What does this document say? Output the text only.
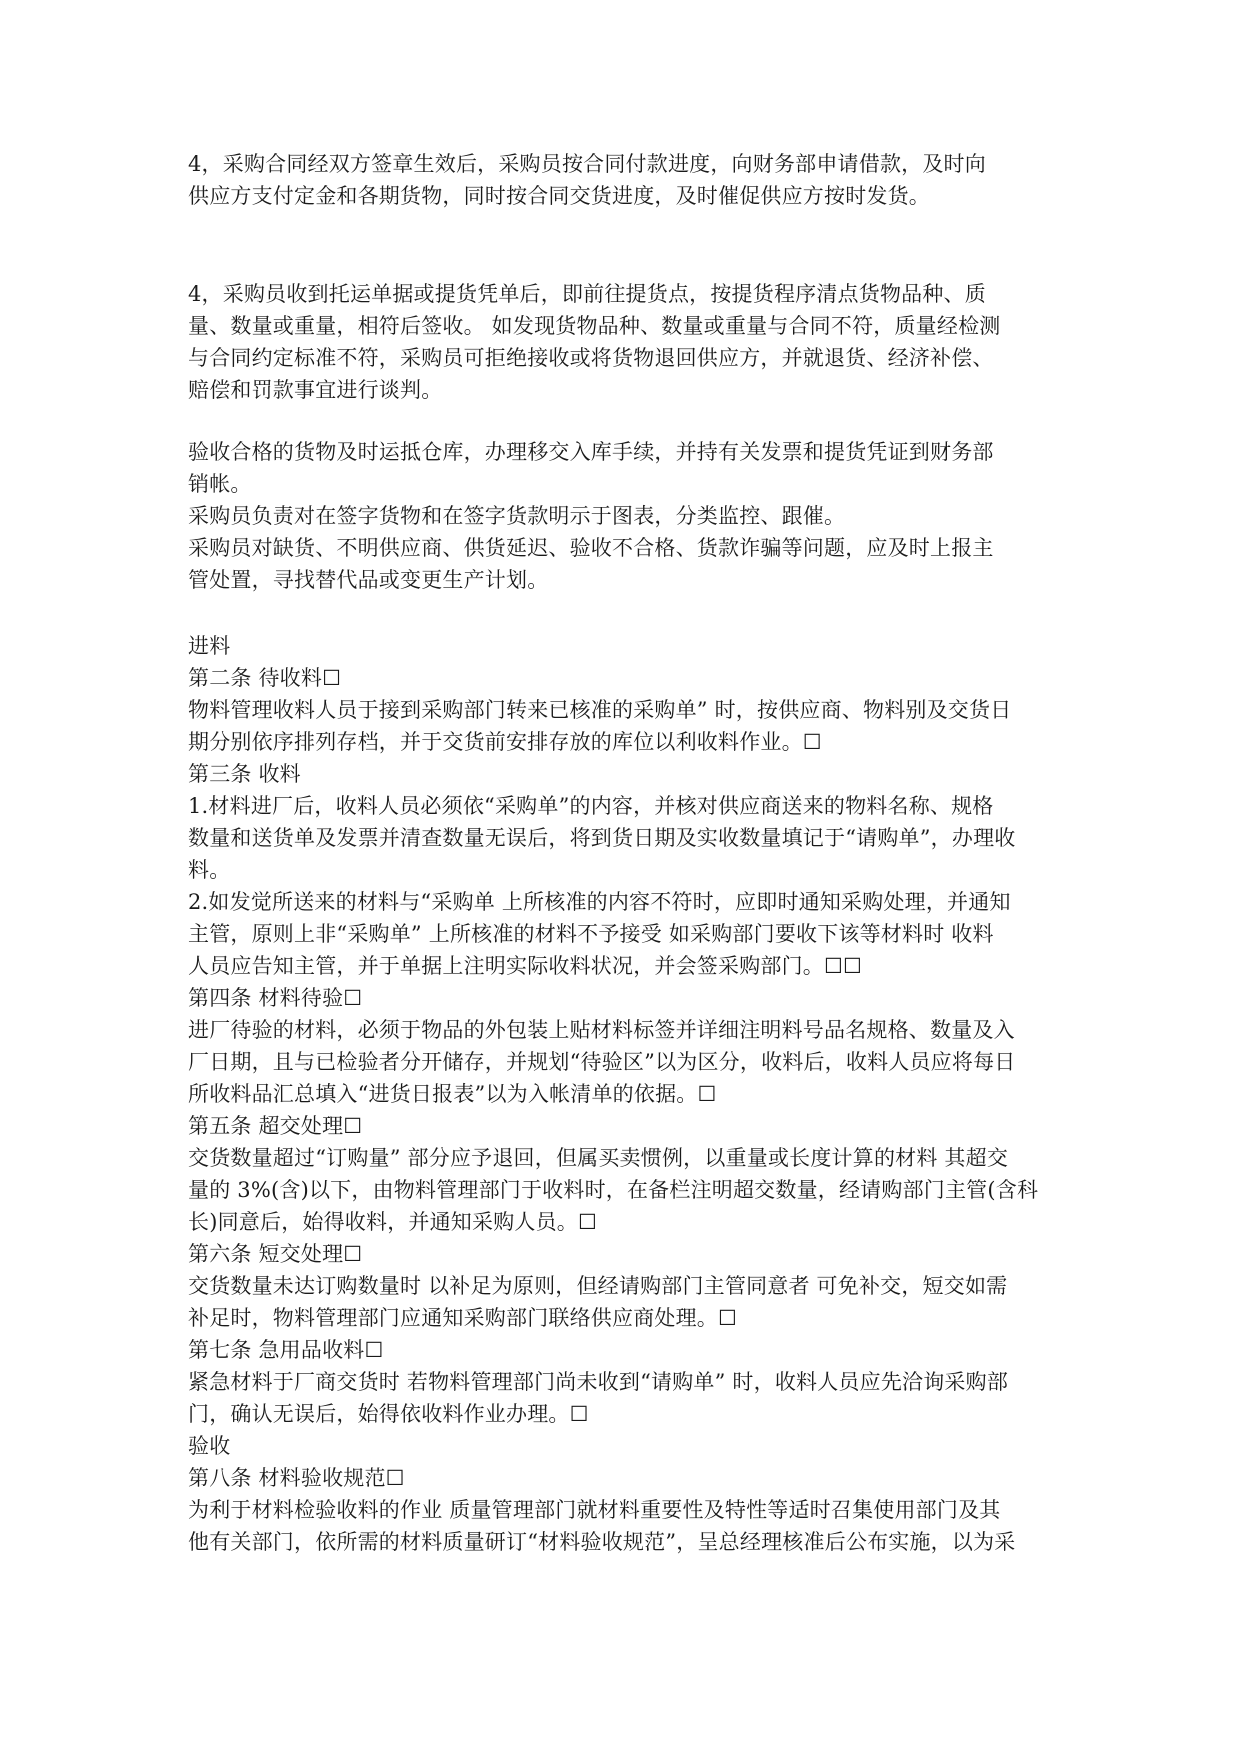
4，采购合同经双方签章生效后，采购员按合同付款进度，向财务部申请借款，及时向
供应方支付定金和各期货物，同时按合同交货进度，及时催促供应方按时发货。
4，采购员收到托运单据或提货凭单后，即前往提货点，按提货程序清点货物品种、质
量、数量或重量，相符后签收。 如发现货物品种、数量或重量与合同不符，质量经检测
与合同约定标准不符，采购员可拒绝接收或将货物退回供应方，并就退货、经济补偿、
赔偿和罚款事宜进行谈判。
验收合格的货物及时运抵仓库，办理移交入库手续，并持有关发票和提货凭证到财务部
销帐。
采购员负责对在签字货物和在签字货款明示于图表，分类监控、跟催。
采购员对缺货、不明供应商、供货延迟、验收不合格、货款诈骗等问题，应及时上报主
管处置，寻找替代品或变更生产计划。
进料
第二条 待收料☐
物料管理收料人员于接到采购部门转来已核准的采购单” 时，按供应商、物料别及交货日
期分别依序排列存档，并于交货前安排存放的库位以利收料作业。☐
第三条 收料
1.材料进厂后，收料人员必须依“采购单”的内容，并核对供应商送来的物料名称、规格
数量和送货单及发票并清查数量无误后，将到货日期及实收数量填记于“请购单”，办理收
料。
2.如发觉所送来的材料与“采购单 上所核准的内容不符时，应即时通知采购处理，并通知
主管，原则上非“采购单” 上所核准的材料不予接受 如采购部门要收下该等材料时 收料
人员应告知主管，并于单据上注明实际收料状况，并会签采购部门。☐☐
第四条 材料待验☐
进厂待验的材料，必须于物品的外包装上贴材料标签并详细注明料号品名规格、数量及入
厂日期，且与已检验者分开储存，并规划“待验区”以为区分，收料后，收料人员应将每日
所收料品汇总填入“进货日报表”以为入帐清单的依据。☐
第五条 超交处理☐
交货数量超过“订购量” 部分应予退回，但属买卖惯例，以重量或长度计算的材料 其超交
量的 3%(含)以下，由物料管理部门于收料时，在备栏注明超交数量，经请购部门主管(含科
长)同意后，始得收料，并通知采购人员。☐
第六条 短交处理☐
交货数量未达订购数量时 以补足为原则，但经请购部门主管同意者 可免补交，短交如需
补足时，物料管理部门应通知采购部门联络供应商处理。☐
第七条 急用品收料☐
紧急材料于厂商交货时 若物料管理部门尚未收到“请购单” 时，收料人员应先洽询采购部
门，确认无误后，始得依收料作业办理。☐
验收
第八条 材料验收规范☐
为利于材料检验收料的作业 质量管理部门就材料重要性及特性等适时召集使用部门及其
他有关部门，依所需的材料质量研订“材料验收规范”，呈总经理核准后公布实施，以为采
